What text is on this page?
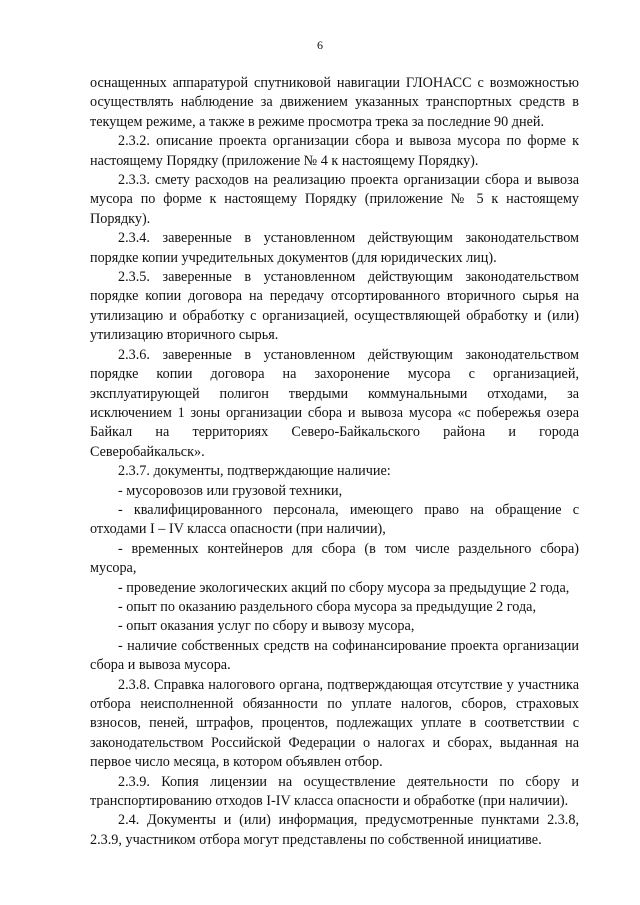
6

оснащенных аппаратурой спутниковой навигации ГЛОНАСС с возможностью осуществлять наблюдение за движением указанных транспортных средств в текущем режиме, а также в режиме просмотра трека за последние 90 дней.

2.3.2. описание проекта организации сбора и вывоза мусора по форме к настоящему Порядку (приложение № 4 к настоящему Порядку).

2.3.3. смету расходов на реализацию проекта организации сбора и вывоза мусора по форме к настоящему Порядку (приложение № 5 к настоящему Порядку).

2.3.4. заверенные в установленном действующим законодательством порядке копии учредительных документов (для юридических лиц).

2.3.5. заверенные в установленном действующим законодательством порядке копии договора на передачу отсортированного вторичного сырья на утилизацию и обработку с организацией, осуществляющей обработку и (или) утилизацию вторичного сырья.

2.3.6. заверенные в установленном действующим законодательством порядке копии договора на захоронение мусора с организацией, эксплуатирующей полигон твердыми коммунальными отходами, за исключением 1 зоны организации сбора и вывоза мусора «с побережья озера Байкал на территориях Северо-Байкальского района и города Северобайкальск».

2.3.7. документы, подтверждающие наличие:

- мусоровозов или грузовой техники,

- квалифицированного персонала, имеющего право на обращение с отходами I – IV класса опасности (при наличии),

- временных контейнеров для сбора (в том числе раздельного сбора) мусора,

- проведение экологических акций по сбору мусора за предыдущие 2 года,

- опыт по оказанию раздельного сбора мусора за предыдущие 2 года,

- опыт оказания услуг по сбору и вывозу мусора,

- наличие собственных средств на софинансирование проекта организации сбора и вывоза мусора.

2.3.8. Справка налогового органа, подтверждающая отсутствие у участника отбора неисполненной обязанности по уплате налогов, сборов, страховых взносов, пеней, штрафов, процентов, подлежащих уплате в соответствии с законодательством Российской Федерации о налогах и сборах, выданная на первое число месяца, в котором объявлен отбор.

2.3.9. Копия лицензии на осуществление деятельности по сбору и транспортированию отходов I-IV класса опасности и обработке (при наличии).

2.4. Документы и (или) информация, предусмотренные пунктами 2.3.8, 2.3.9, участником отбора могут представлены по собственной инициативе.
